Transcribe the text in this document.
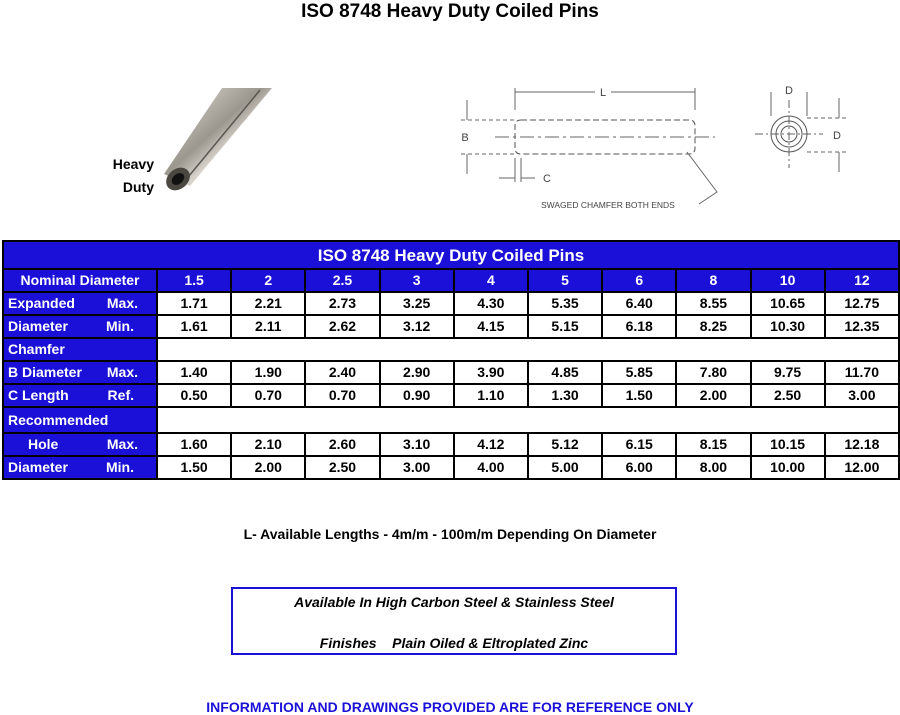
ISO 8748 Heavy Duty Coiled Pins
Heavy
Duty
L
B
C
D
D
SWAGED CHAMFER BOTH ENDS
ISO 8748 Heavy Duty Coiled Pins										
Nominal Diameter	1.5	2	2.5	3	4	5	6	8	10	12

Expanded Max.	1.71	2.21	2.73	3.25	4.30	5.35	6.40	8.55	10.65	12.75

Diameter Min.	1.61	2.11	2.62	3.12	4.15	5.15	6.18	8.25	10.30	12.35
Chamfer										

B Diameter Max.	1.40	1.90	2.40	2.90	3.90	4.85	5.85	7.80	9.75	11.70

C Length Ref.	0.50	0.70	0.70	0.90	1.10	1.30	1.50	2.00	2.50	3.00
Recommended										

Hole Max.	1.60	2.10	2.60	3.10	4.12	5.12	6.15	8.15	10.15	12.18

Diameter Min.	1.50	2.00	2.50	3.00	4.00	5.00	6.00	8.00	10.00	12.00
L- Available Lengths - 4m/m - 100m/m Depending On Diameter
Available In High Carbon Steel & Stainless Steel
Finishes    Plain Oiled & Eltroplated Zinc
INFORMATION AND DRAWINGS PROVIDED ARE FOR REFERENCE ONLY
